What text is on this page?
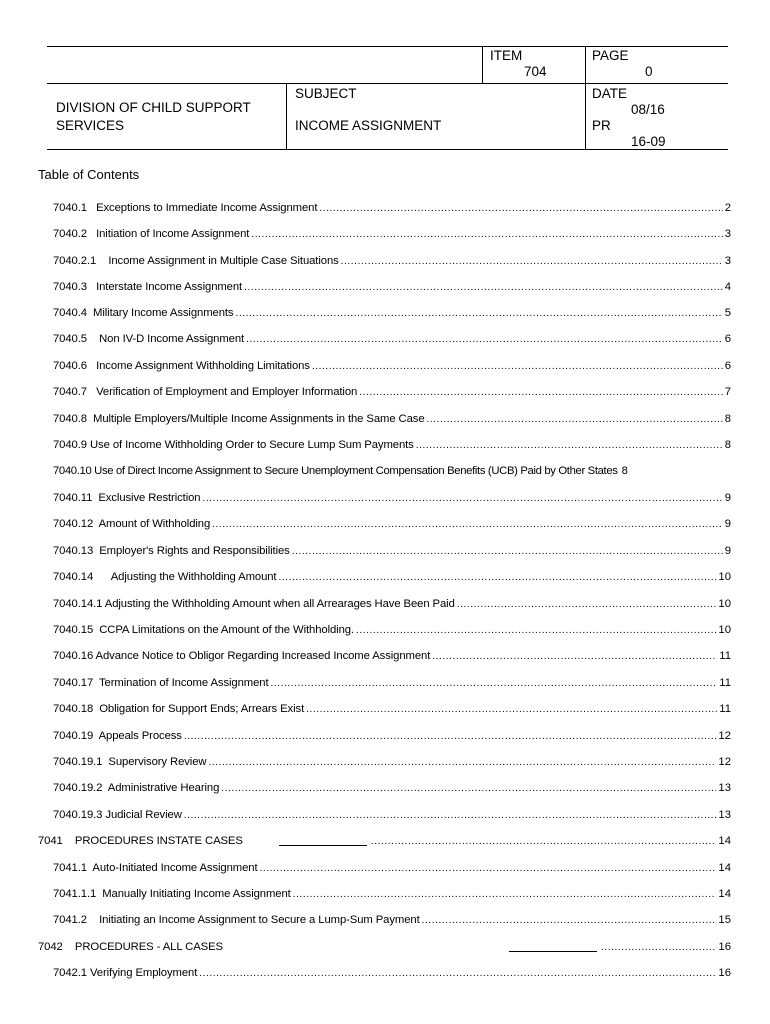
ITEM
704
PAGE
0
DIVISION OF CHILD SUPPORT
SERVICES
SUBJECT
INCOME ASSIGNMENT
DATE
08/16
PR
16-09
Table of Contents
7040.1   Exceptions to Immediate Income Assignment .....	2
7040.2   Initiation of Income Assignment .....	3
7040.2.1    Income Assignment in Multiple Case Situations .....	3
7040.3   Interstate Income Assignment .....	4
7040.4  Military Income Assignments .....	5
7040.5    Non IV-D Income Assignment .....	6
7040.6   Income Assignment Withholding Limitations .....	6
7040.7   Verification of Employment and Employer Information .....	7
7040.8  Multiple Employers/Multiple Income Assignments in the Same Case .....	8
7040.9 Use of Income Withholding Order to Secure Lump Sum Payments .....	8
7040.10 Use of Direct Income Assignment to Secure Unemployment Compensation Benefits (UCB) Paid by Other States 8
7040.11  Exclusive Restriction .....	9
7040.12  Amount of Withholding .....	9
7040.13  Employer's Rights and Responsibilities .....	9
7040.14      Adjusting the Withholding Amount .....	10
7040.14.1 Adjusting the Withholding Amount when all Arrearages Have Been Paid .....	10
7040.15  CCPA Limitations on the Amount of the Withholding. .....	10
7040.16 Advance Notice to Obligor Regarding Increased Income Assignment .....	11
7040.17  Termination of Income Assignment .....	11
7040.18  Obligation for Support Ends; Arrears Exist .....	11
7040.19  Appeals Process .....	12
7040.19.1  Supervisory Review .....	12
7040.19.2  Administrative Hearing .....	13
7040.19.3 Judicial Review .....	13
7041    PROCEDURES INSTATE CASES .....	14
7041.1  Auto-Initiated Income Assignment .....	14
7041.1.1  Manually Initiating Income Assignment .....	14
7041.2    Initiating an Income Assignment to Secure a Lump-Sum Payment .....	15
7042    PROCEDURES - ALL CASES .....	16
7042.1 Verifying Employment .....	16
